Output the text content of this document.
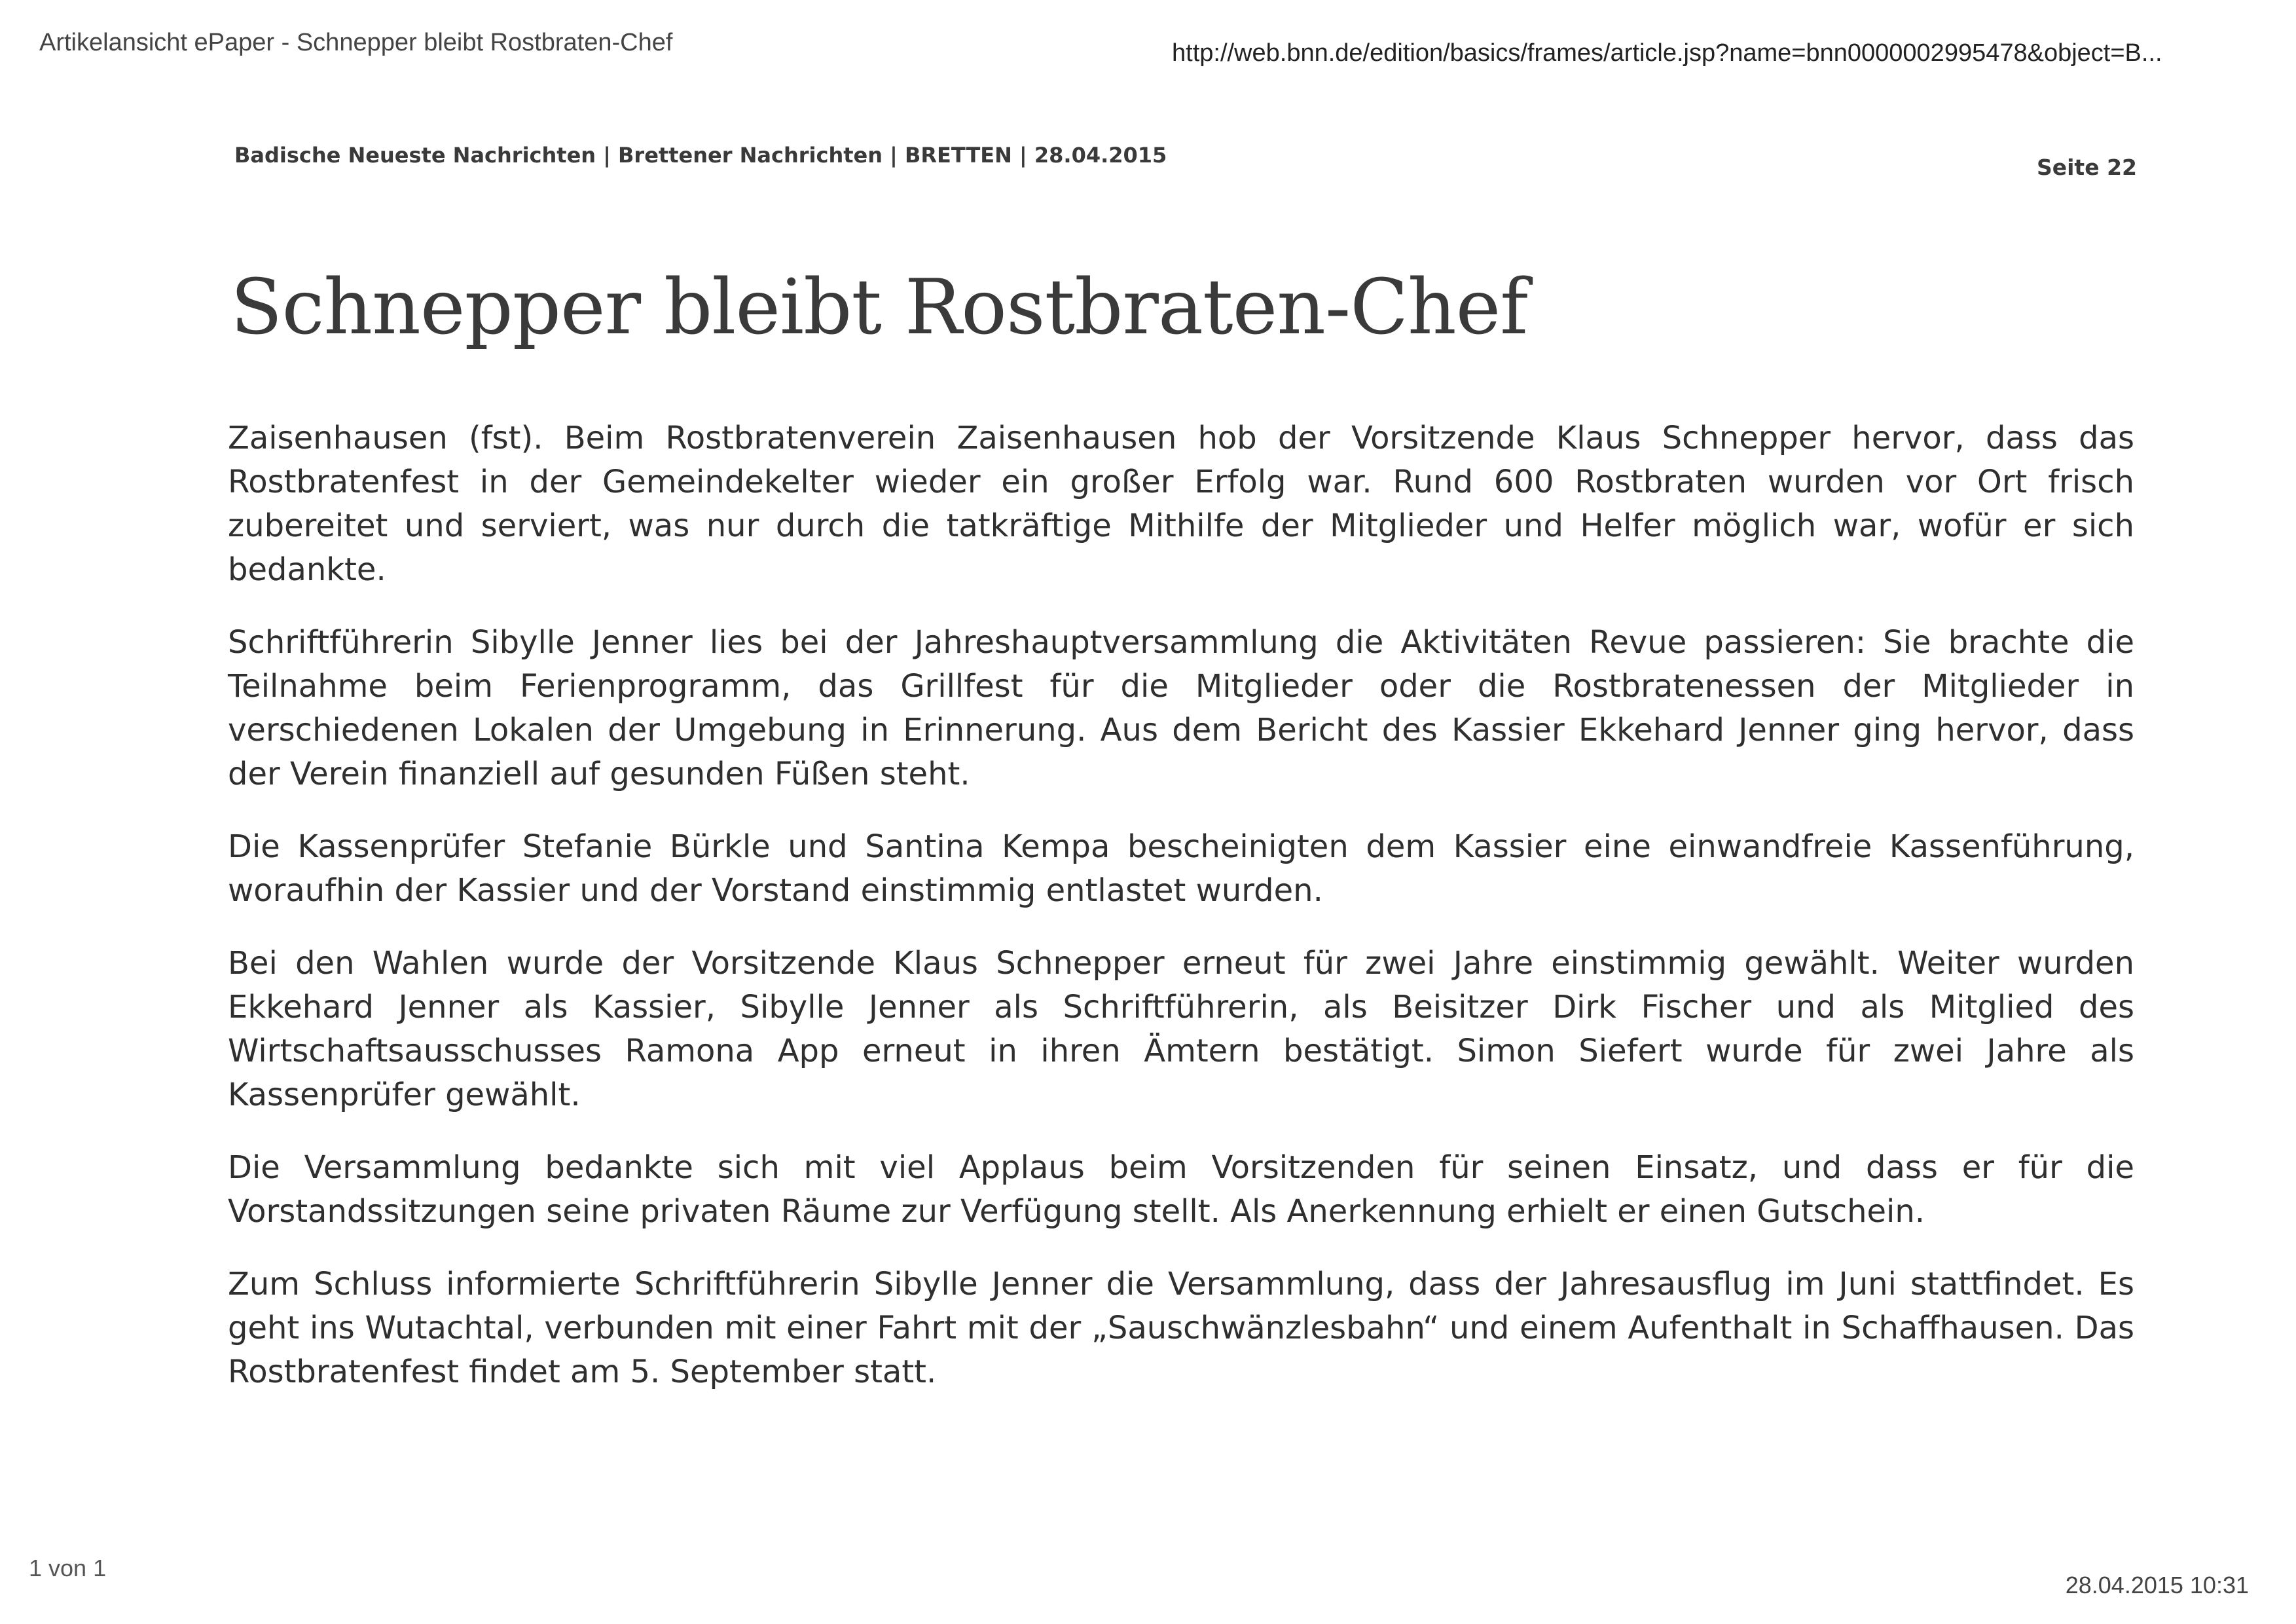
Artikelansicht ePaper - Schnepper bleibt Rostbraten-Chef	http://web.bnn.de/edition/basics/frames/article.jsp?name=bnn0000002995478&object=B...
Badische Neueste Nachrichten | Brettener Nachrichten | BRETTEN | 28.04.2015	Seite 22
Schnepper bleibt Rostbraten-Chef

Zaisenhausen (fst). Beim Rostbratenverein Zaisenhausen hob der Vorsitzende Klaus Schnepper hervor, dass das Rostbratenfest in der Gemeindekelter wieder ein großer Erfolg war. Rund 600 Rostbraten wurden vor Ort frisch zubereitet und serviert, was nur durch die tatkräftige Mithilfe der Mitglieder und Helfer möglich war, wofür er sich bedankte.

Schriftführerin Sibylle Jenner lies bei der Jahreshauptversammlung die Aktivitäten Revue passieren: Sie brachte die Teilnahme beim Ferienprogramm, das Grillfest für die Mitglieder oder die Rostbratenessen der Mitglieder in verschiedenen Lokalen der Umgebung in Erinnerung. Aus dem Bericht des Kassier Ekkehard Jenner ging hervor, dass der Verein finanziell auf gesunden Füßen steht.

Die Kassenprüfer Stefanie Bürkle und Santina Kempa bescheinigten dem Kassier eine einwandfreie Kassenführung, woraufhin der Kassier und der Vorstand einstimmig entlastet wurden.

Bei den Wahlen wurde der Vorsitzende Klaus Schnepper erneut für zwei Jahre einstimmig gewählt. Weiter wurden Ekkehard Jenner als Kassier, Sibylle Jenner als Schriftführerin, als Beisitzer Dirk Fischer und als Mitglied des Wirtschaftsausschusses Ramona App erneut in ihren Ämtern bestätigt. Simon Siefert wurde für zwei Jahre als Kassenprüfer gewählt.

Die Versammlung bedankte sich mit viel Applaus beim Vorsitzenden für seinen Einsatz, und dass er für die Vorstandssitzungen seine privaten Räume zur Verfügung stellt. Als Anerkennung erhielt er einen Gutschein.

Zum Schluss informierte Schriftführerin Sibylle Jenner die Versammlung, dass der Jahresausflug im Juni stattfindet. Es geht ins Wutachtal, verbunden mit einer Fahrt mit der „Sauschwänzlesbahn“ und einem Aufenthalt in Schaffhausen. Das Rostbratenfest findet am 5. September statt.

1 von 1
28.04.2015 10:31
